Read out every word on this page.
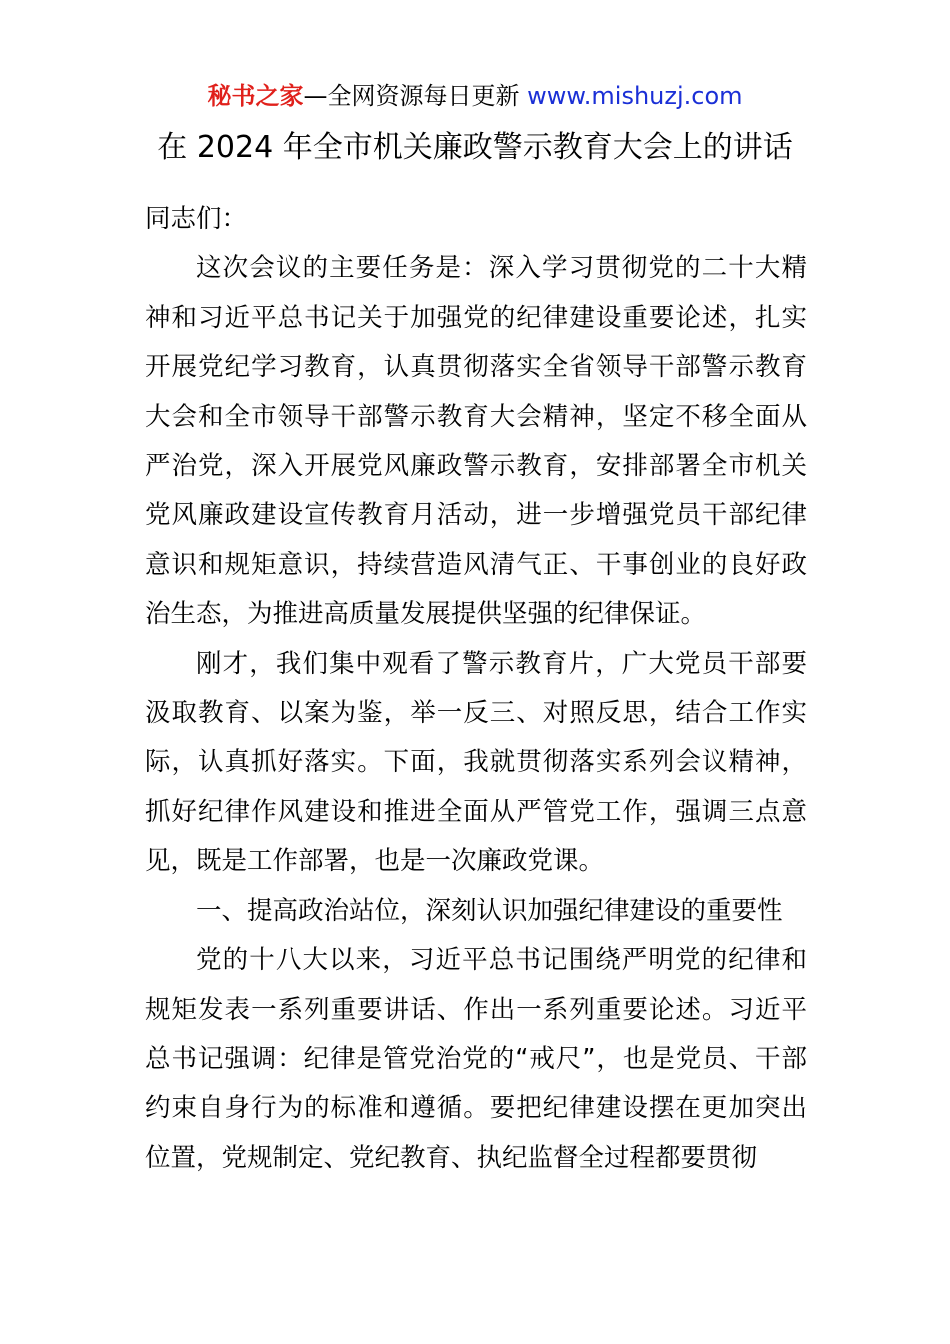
秘书之家—全网资源每日更新 www.mishuzj.com
在 2024 年全市机关廉政警示教育大会上的讲话

同志们：

这次会议的主要任务是：深入学习贯彻党的二十大精神和习近平总书记关于加强党的纪律建设重要论述，扎实开展党纪学习教育，认真贯彻落实全省领导干部警示教育大会和全市领导干部警示教育大会精神，坚定不移全面从严治党，深入开展党风廉政警示教育，安排部署全市机关党风廉政建设宣传教育月活动，进一步增强党员干部纪律意识和规矩意识，持续营造风清气正、干事创业的良好政治生态，为推进高质量发展提供坚强的纪律保证。

刚才，我们集中观看了警示教育片，广大党员干部要汲取教育、以案为鉴，举一反三、对照反思，结合工作实际，认真抓好落实。下面，我就贯彻落实系列会议精神，抓好纪律作风建设和推进全面从严管党工作，强调三点意见，既是工作部署，也是一次廉政党课。

一、提高政治站位，深刻认识加强纪律建设的重要性

党的十八大以来，习近平总书记围绕严明党的纪律和规矩发表一系列重要讲话、作出一系列重要论述。习近平总书记强调：纪律是管党治党的“戒尺”，也是党员、干部约束自身行为的标准和遵循。要把纪律建设摆在更加突出位置，党规制定、党纪教育、执纪监督全过程都要贯彻
